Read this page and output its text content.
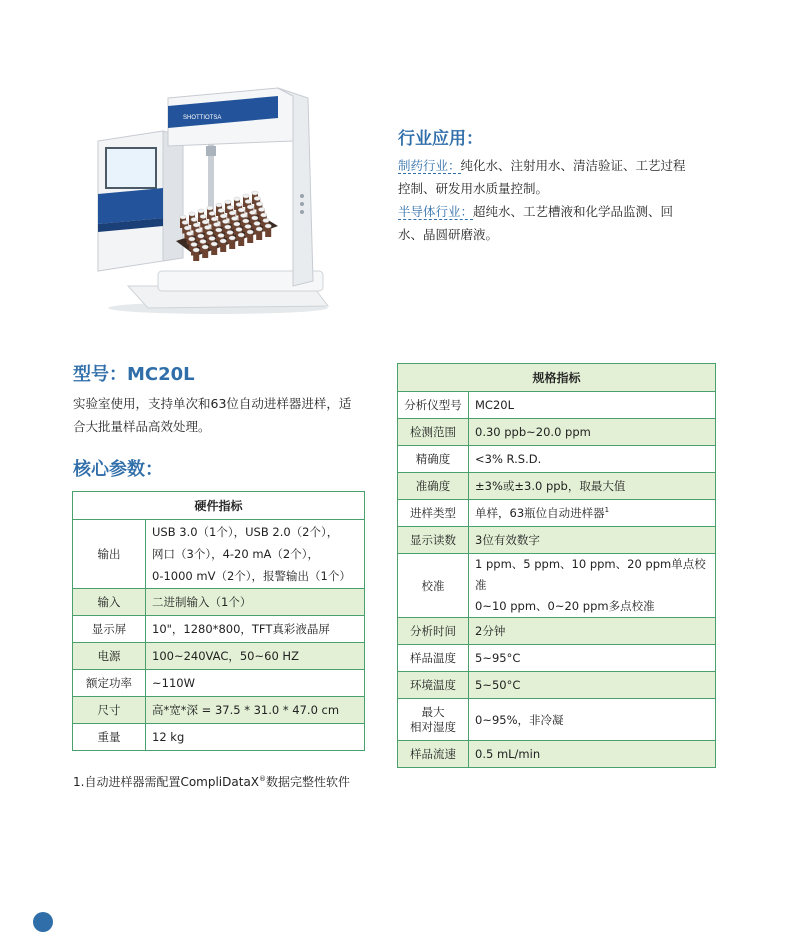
SHOTTIOTSA
行业应用：
制药行业：纯化水、注射用水、清洁验证、工艺过程
控制、研发用水质量控制。
半导体行业：超纯水、工艺槽液和化学品监测、回
水、晶圆研磨液。
型号：MC20L
实验室使用，支持单次和63位自动进样器进样，适
合大批量样品高效处理。
核心参数：
硬件指标	
输出	USB 3.0（1个），USB 2.0（2个），
网口（3个），4-20 mA（2个），
0-1000 mV（2个），报警输出（1个）

输入	二进制输入（1个）
显示屏	10"，1280*800，TFT真彩液晶屏
电源	100~240VAC，50~60 HZ
额定功率	~110W
尺寸	高*宽*深 = 37.5 * 31.0 * 47.0 cm
重量	12 kg
规格指标	
分析仪型号	MC20L
检测范围	0.30 ppb~20.0 ppm
精确度	<3% R.S.D.
准确度	±3%或±3.0 ppb，取最大值
进样类型	单样，63瓶位自动进样器$^1$
显示读数	3位有效数字
校准	1 ppm、5 ppm、10 ppm、20 ppm单点校准
0~10 ppm、0~20 ppm多点校准

分析时间	2分钟
样品温度	5~95°C
环境温度	5~50°C

最大
相对湿度	0~95%，非冷凝
样品流速	0.5 mL/min
1.自动进样器需配置CompliDataX®数据完整性软件
